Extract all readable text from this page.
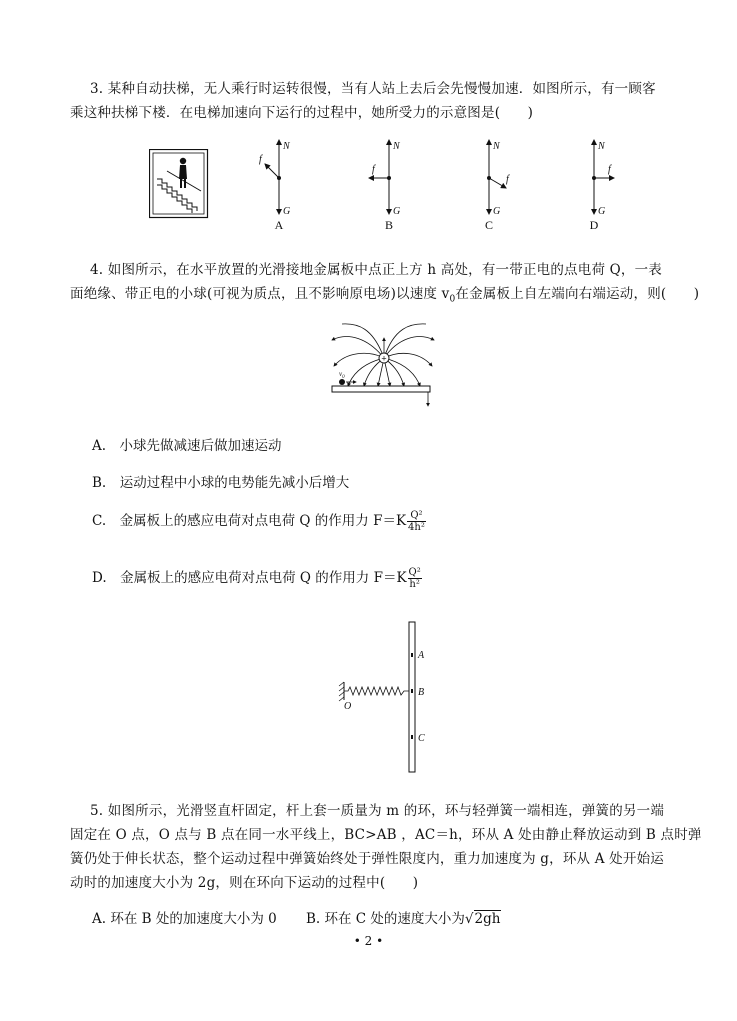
3. 某种自动扶梯，无人乘行时运转很慢，当有人站上去后会先慢慢加速．如图所示，有一顾客
乘这种扶梯下楼．在电梯加速向下运行的过程中，她所受力的示意图是(　　)
N
G
f
N
G
f
N
G
f
N
G
f
A	B	C	D
4. 如图所示，在水平放置的光滑接地金属板中点正上方 h 高处，有一带正电的点电荷 Q，一表
面绝缘、带正电的小球(可视为质点，且不影响原电场)以速度 $v_0$在金属板上自左端向右端运动，则(　　)
+
$v_0$
A.　小球先做减速后做加速运动
B.　运动过程中小球的电势能先减小后增大
C.　金属板上的感应电荷对点电荷 Q 的作用力 $F=K \frac{\text{Q²}}{\text{4h²}}$
D.　金属板上的感应电荷对点电荷 Q 的作用力 $F=K \frac{\text{Q²}}{\text{h²}}$
A
B
C
O
5. 如图所示，光滑竖直杆固定，杆上套一质量为 m 的环，环与轻弹簧一端相连，弹簧的另一端
固定在 O 点，O 点与 B 点在同一水平线上，BC>AB ，AC＝h，环从 A 处由静止释放运动到 B 点时弹
簧仍处于伸长状态，整个运动过程中弹簧始终处于弹性限度内，重力加速度为 g，环从 A 处开始运
动时的加速度大小为 2g，则在环向下运动的过程中(　　)
A. 环在 B 处的加速度大小为 0 B. 环在 C 处的速度大小为√2gh
• 2 •
